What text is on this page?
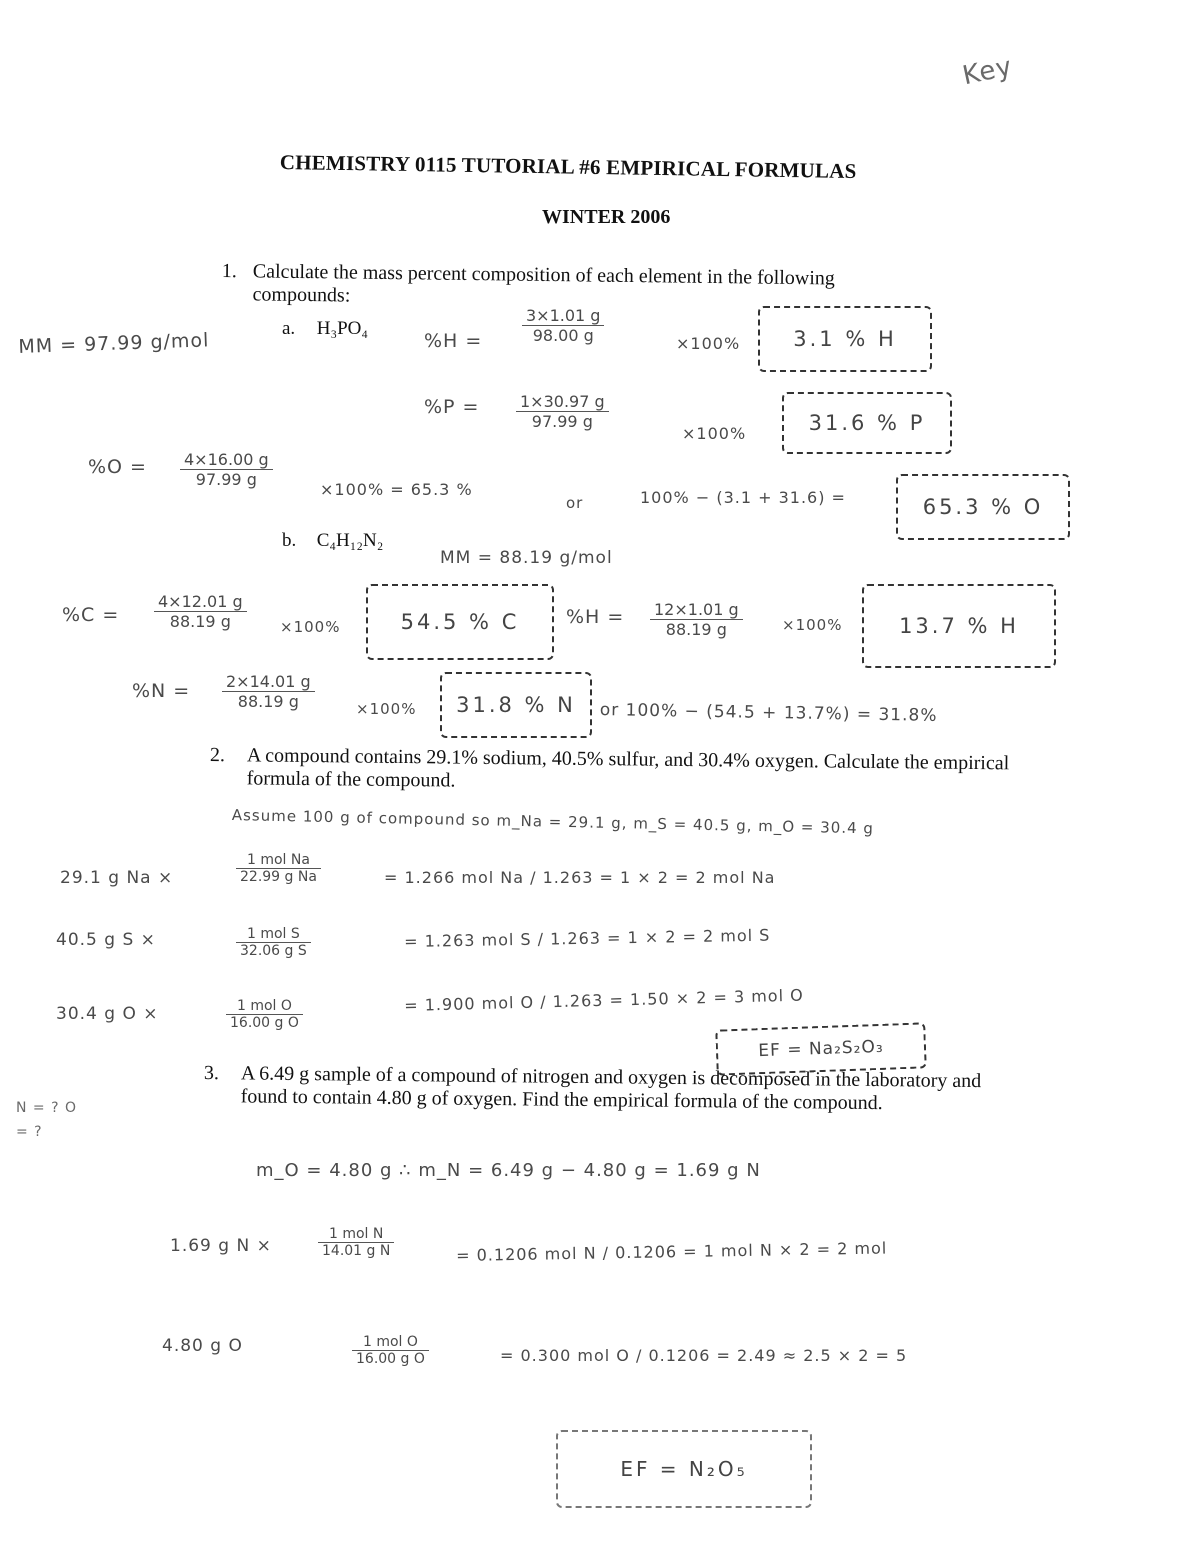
Key
CHEMISTRY 0115 TUTORIAL #6 EMPIRICAL FORMULAS
WINTER 2006
1. Calculate the mass percent composition of each element in the following compounds:
a. H₃PO₄
MM = 97.99 g/mol	$\%H = \frac{3\times 1.01 g}{98.00 g}$	×100%	3.1 % H
$\%P = \frac{1\times 30.97 g}{97.99 g}$
×100%	31.6 % P
$\%O = \frac{4\times 16.00 g}{97.99 g}$
×100% = 65.3 %
or	100% − (3.1 + 31.6) =	65.3 % O
b. C₄H₁₂N₂
MM = 88.19 g/mol
$\%C = \frac{4\times 12.01 g}{88.19 g} \times 100\%$	54.5 % C	$\%H = \frac{12\times 1.01 g}{88.19 g}$	×100%	13.7 % H
$\%N = \frac{2\times 14.01 g}{88.19 g}$	×100%	31.8 % N	or 100% − (54.5 + 13.7%) = 31.8%
2. A compound contains 29.1% sodium, 40.5% sulfur, and 30.4% oxygen. Calculate the empirical formula of the compound.
Assume 100 g of compound so m_Na = 29.1 g, m_S = 40.5 g, m_O = 30.4 g
29.1 g Na ×
1 mol Na
22.99 g Na	= 1.266 mol Na / 1.263 = 1 × 2 = 2 mol Na
40.5 g S ×	1 mol S
32.06 g S
= 1.263 mol S / 1.263 = 1 × 2 = 2 mol S
30.4 g O ×	1 mol O
16.00 g O
= 1.900 mol O / 1.263 = 1.50 × 2 = 3 mol O
EF = Na₂S₂O₃
3. A 6.49 g sample of a compound of nitrogen and oxygen is decomposed in the laboratory and found to contain 4.80 g of oxygen. Find the empirical formula of the compound.
N = ? O = ?
m_O = 4.80 g ∴ m_N = 6.49 g − 4.80 g = 1.69 g N
1.69 g N ×
1 mol N
14.01 g N	= 0.1206 mol N / 0.1206 = 1 mol N × 2 = 2 mol
4.80 g O	1 mol O
16.00 g O	= 0.300 mol O / 0.1206 = 2.49 ≈ 2.5 × 2 = 5
EF = N₂O₅
